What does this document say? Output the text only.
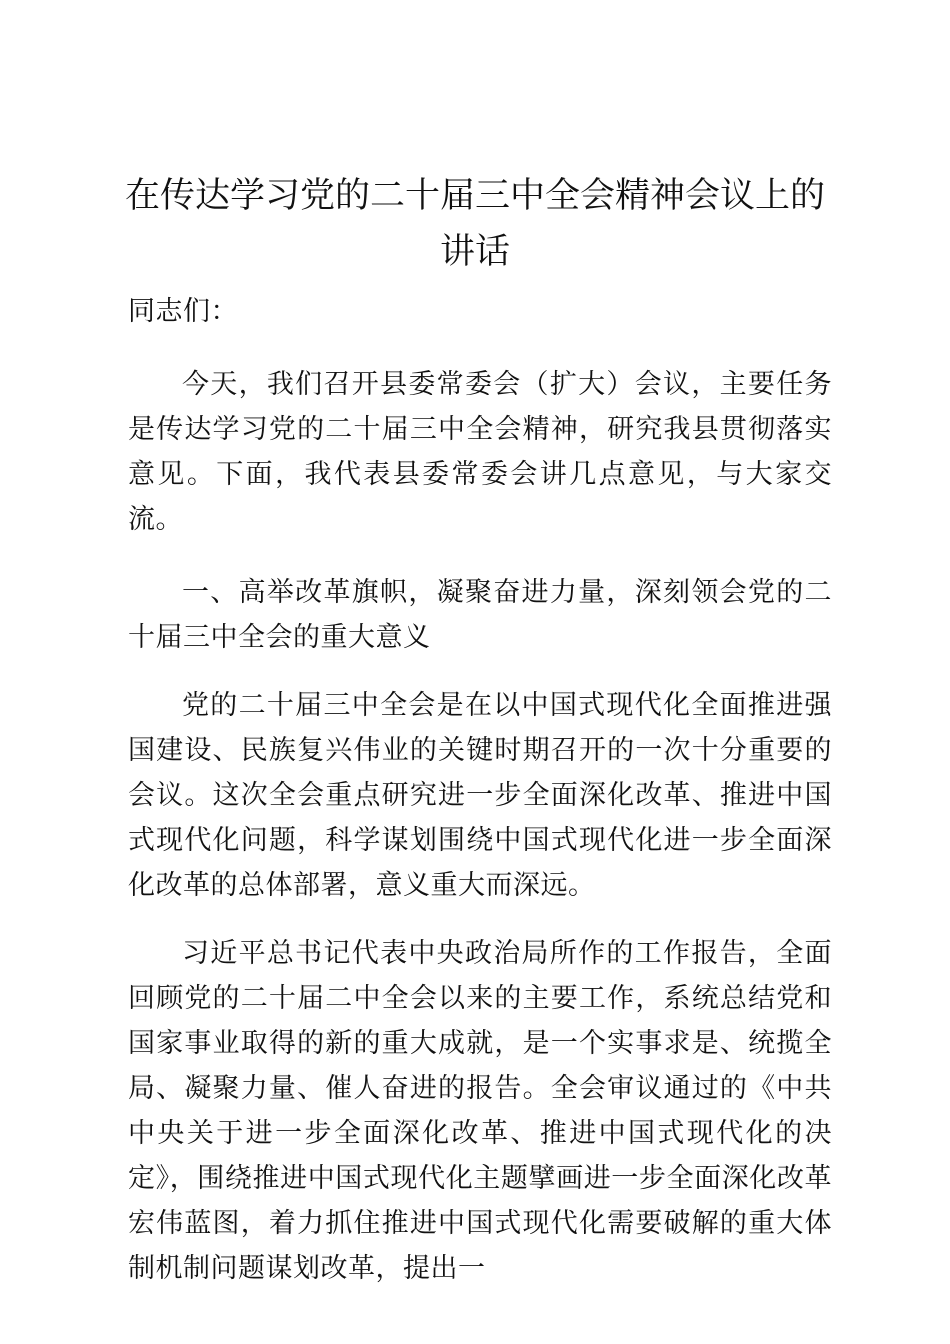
在传达学习党的二十届三中全会精神会议上的
讲话

同志们：

今天，我们召开县委常委会（扩大）会议，主要任务是传达学习党的二十届三中全会精神，研究我县贯彻落实意见。下面，我代表县委常委会讲几点意见，与大家交流。

一、高举改革旗帜，凝聚奋进力量，深刻领会党的二十届三中全会的重大意义

党的二十届三中全会是在以中国式现代化全面推进强国建设、民族复兴伟业的关键时期召开的一次十分重要的会议。这次全会重点研究进一步全面深化改革、推进中国式现代化问题，科学谋划围绕中国式现代化进一步全面深化改革的总体部署，意义重大而深远。

习近平总书记代表中央政治局所作的工作报告，全面回顾党的二十届二中全会以来的主要工作，系统总结党和国家事业取得的新的重大成就，是一个实事求是、统揽全局、凝聚力量、催人奋进的报告。全会审议通过的《中共中央关于进一步全面深化改革、推进中国式现代化的决定》，围绕推进中国式现代化主题擘画进一步全面深化改革宏伟蓝图，着力抓住推进中国式现代化需要破解的重大体制机制问题谋划改革，提出一
